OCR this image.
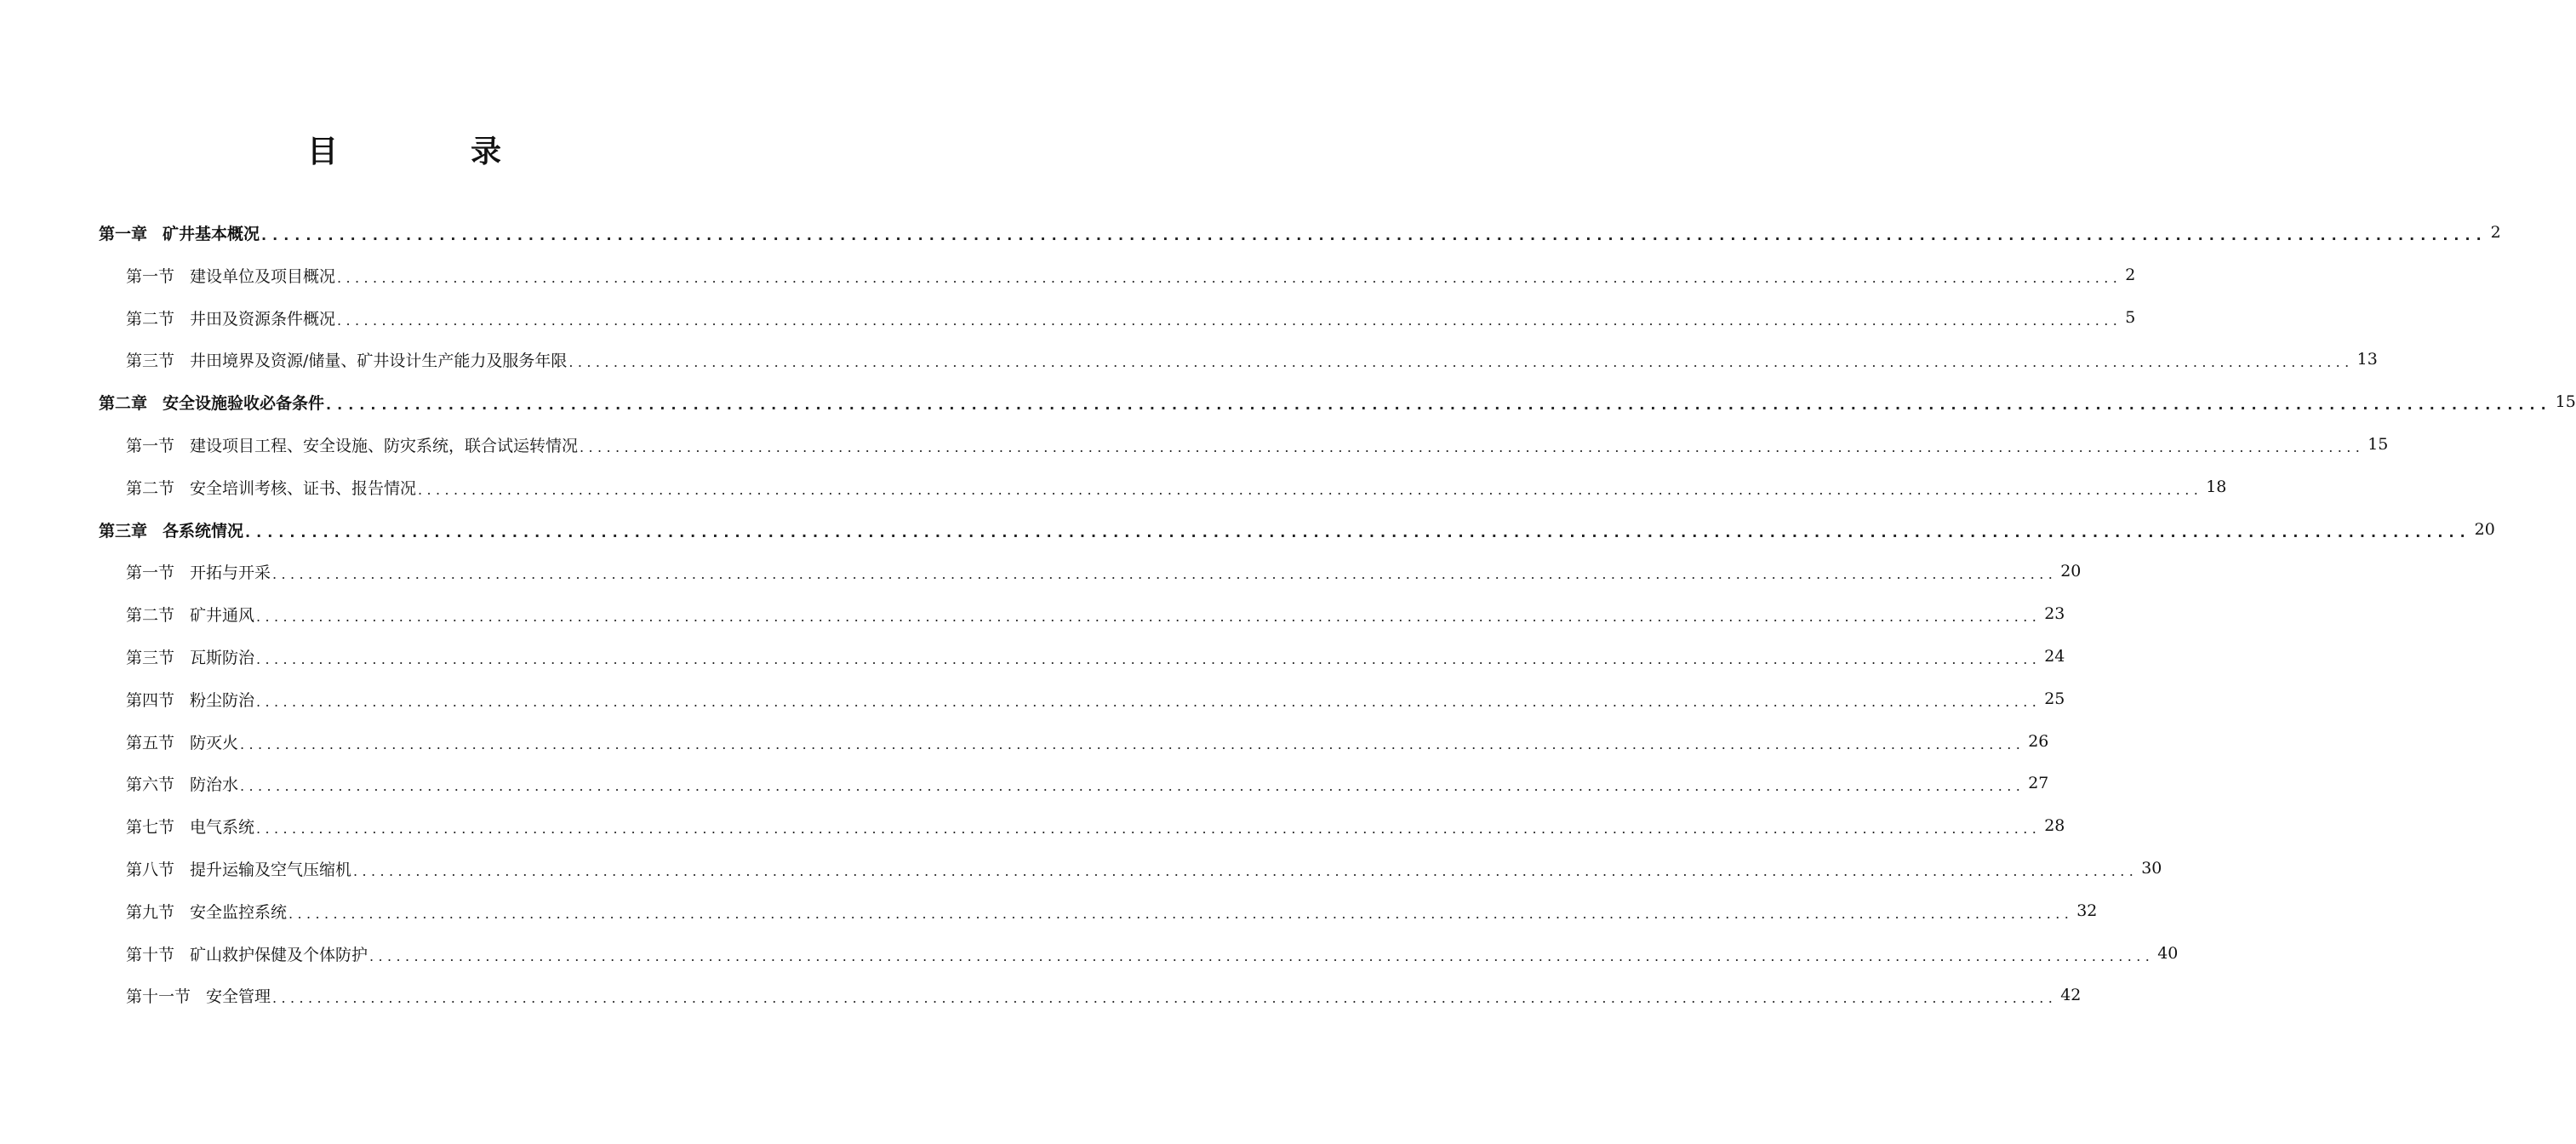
目　录
第一章 矿井基本概况 ........................................................................................................................................................................................................ 2
第一节 建设单位及项目概况 ........................................................................................................................................................................................................ 2
第二节 井田及资源条件概况 ........................................................................................................................................................................................................ 5
第三节 井田境界及资源/储量、矿井设计生产能力及服务年限 ........................................................................................................................................................................................................ 13
第二章 安全设施验收必备条件 ........................................................................................................................................................................................................ 15
第一节 建设项目工程、安全设施、防灾系统，联合试运转情况 ........................................................................................................................................................................................................ 15
第二节 安全培训考核、证书、报告情况 ........................................................................................................................................................................................................ 18
第三章 各系统情况 ........................................................................................................................................................................................................ 20
第一节 开拓与开采 ........................................................................................................................................................................................................ 20
第二节 矿井通风 ........................................................................................................................................................................................................ 23
第三节 瓦斯防治 ........................................................................................................................................................................................................ 24
第四节 粉尘防治 ........................................................................................................................................................................................................ 25
第五节 防灭火 ........................................................................................................................................................................................................ 26
第六节 防治水 ........................................................................................................................................................................................................ 27
第七节 电气系统 ........................................................................................................................................................................................................ 28
第八节 提升运输及空气压缩机 ........................................................................................................................................................................................................ 30
第九节 安全监控系统 ........................................................................................................................................................................................................ 32
第十节 矿山救护保健及个体防护 ........................................................................................................................................................................................................ 40
第十一节 安全管理 ........................................................................................................................................................................................................ 42
